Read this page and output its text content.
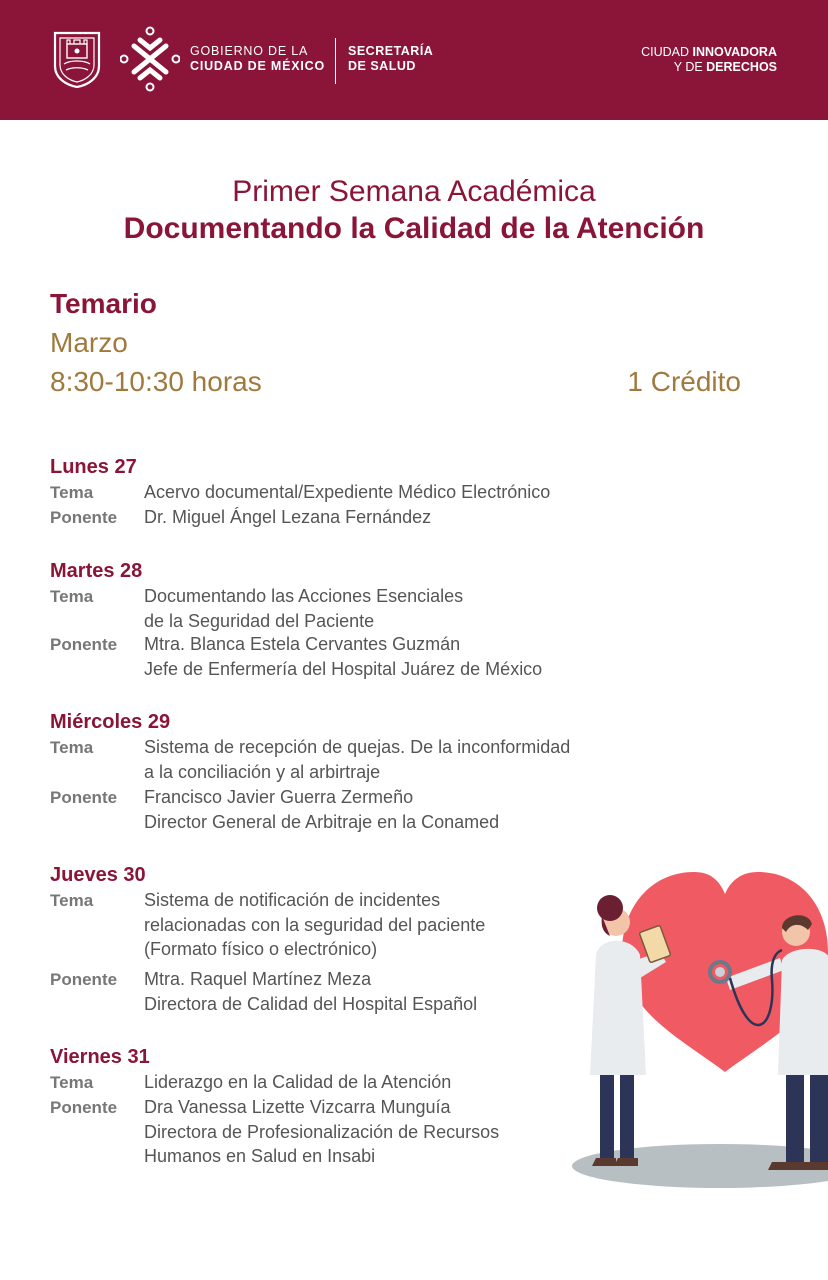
GOBIERNO DE LA
CIUDAD DE MÉXICO
SECRETARÍA
DE SALUD
CIUDAD INNOVADORA
Y DE DERECHOS
Primer Semana Académica
Documentando la Calidad de la Atención
Temario
Marzo
8:30-10:30 horas	1 Crédito
Lunes 27
Tema	Acervo documental/Expediente Médico Electrónico
Ponente Dr. Miguel Ángel Lezana Fernández
Martes 28
Tema	Documentando las Acciones Esenciales
de la Seguridad del Paciente
Ponente Mtra. Blanca Estela Cervantes Guzmán
Jefe de Enfermería del Hospital Juárez de México
Miércoles 29
Tema	Sistema de recepción de quejas. De la inconformidad
a la conciliación y al arbirtraje
Ponente Francisco Javier Guerra Zermeño
Director General de Arbitraje en la Conamed
Jueves 30
Tema	Sistema de notificación de incidentes
relacionadas con la seguridad del paciente
(Formato físico o electrónico)
Ponente Mtra. Raquel Martínez Meza
Directora de Calidad del Hospital Español
Viernes 31
Tema	Liderazgo en la Calidad de la Atención
Ponente Dra Vanessa Lizette Vizcarra Munguía
Directora de Profesionalización de Recursos
Humanos en Salud en Insabi
